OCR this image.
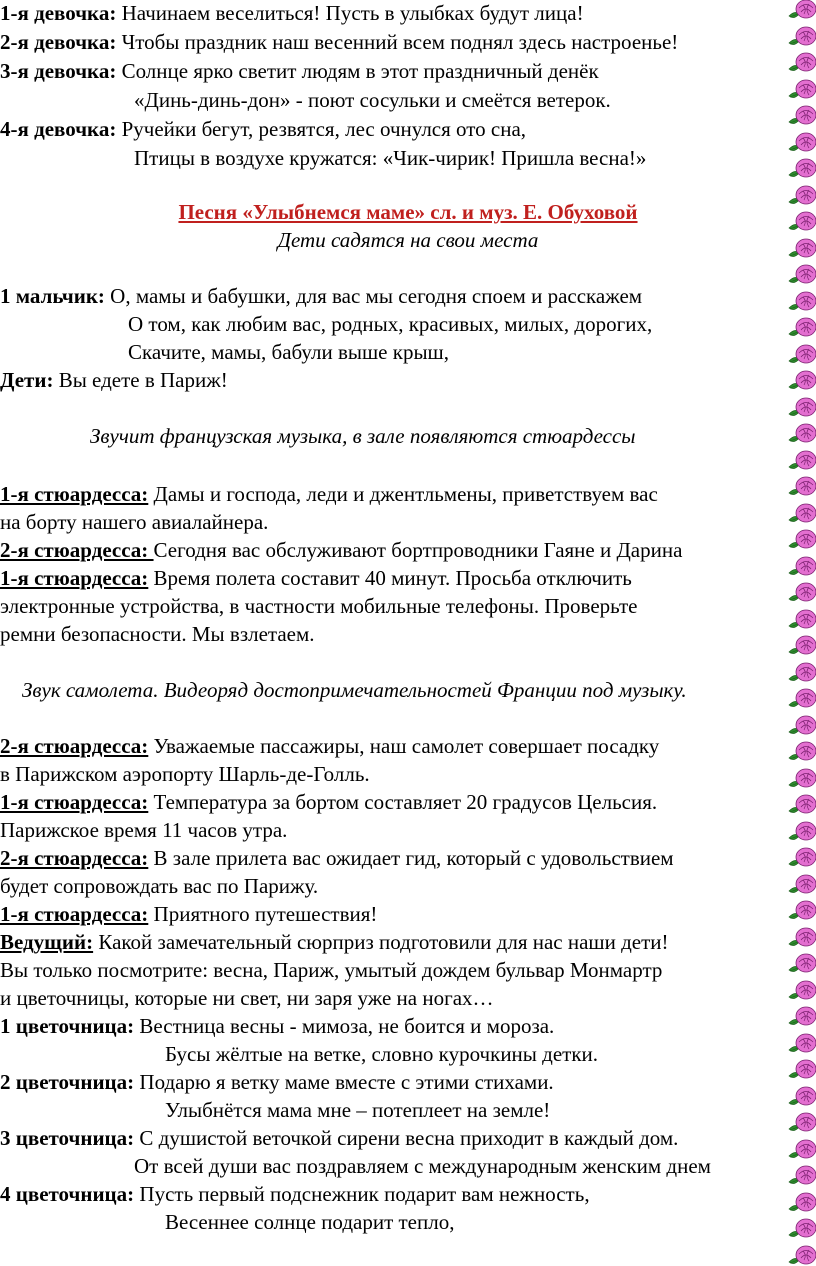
1-я девочка: Начинаем веселиться! Пусть в улыбках будут лица!
2-я девочка: Чтобы праздник наш весенний всем поднял здесь настроенье!
3-я девочка: Солнце ярко светит людям в этот праздничный денёк
«Динь-динь-дон» - поют сосульки и смеётся ветерок.
4-я девочка: Ручейки бегут, резвятся, лес очнулся ото сна,
Птицы в воздухе кружатся: «Чик-чирик! Пришла весна!»
Песня «Улыбнемся маме» сл. и муз. Е. Обуховой
Дети садятся на свои места
1 мальчик: О, мамы и бабушки, для вас мы сегодня споем и расскажем
О том, как любим вас, родных, красивых, милых, дорогих,
Скачите, мамы, бабули выше крыш,
Дети: Вы едете в Париж!
Звучит французская музыка, в зале появляются стюардессы
1-я стюардесса: Дамы и господа, леди и джентльмены, приветствуем вас
на борту нашего авиалайнера.
2-я стюардесса: Сегодня вас обслуживают бортпроводники Гаяне и Дарина
1-я стюардесса: Время полета составит 40 минут. Просьба отключить
электронные устройства, в частности мобильные телефоны. Проверьте
ремни безопасности. Мы взлетаем.
Звук самолета. Видеоряд достопримечательностей Франции под музыку.
2-я стюардесса: Уважаемые пассажиры, наш самолет совершает посадку
в Парижском аэропорту Шарль-де-Голль.
1-я стюардесса: Температура за бортом составляет 20 градусов Цельсия.
Парижское время 11 часов утра.
2-я стюардесса: В зале прилета вас ожидает гид, который с удовольствием
будет сопровождать вас по Парижу.
1-я стюардесса: Приятного путешествия!
Ведущий: Какой замечательный сюрприз подготовили для нас наши дети!
Вы только посмотрите: весна, Париж, умытый дождем бульвар Монмартр
и цветочницы, которые ни свет, ни заря уже на ногах…
1 цветочница: Вестница весны - мимоза, не боится и мороза.
Бусы жёлтые на ветке, словно курочкины детки.
2 цветочница: Подарю я ветку маме вместе с этими стихами.
Улыбнётся мама мне – потеплеет на земле!
3 цветочница: С душистой веточкой сирени весна приходит в каждый дом.
От всей души вас поздравляем с международным женским днем
4 цветочница: Пусть первый подснежник подарит вам нежность,
Весеннее солнце подарит тепло,
